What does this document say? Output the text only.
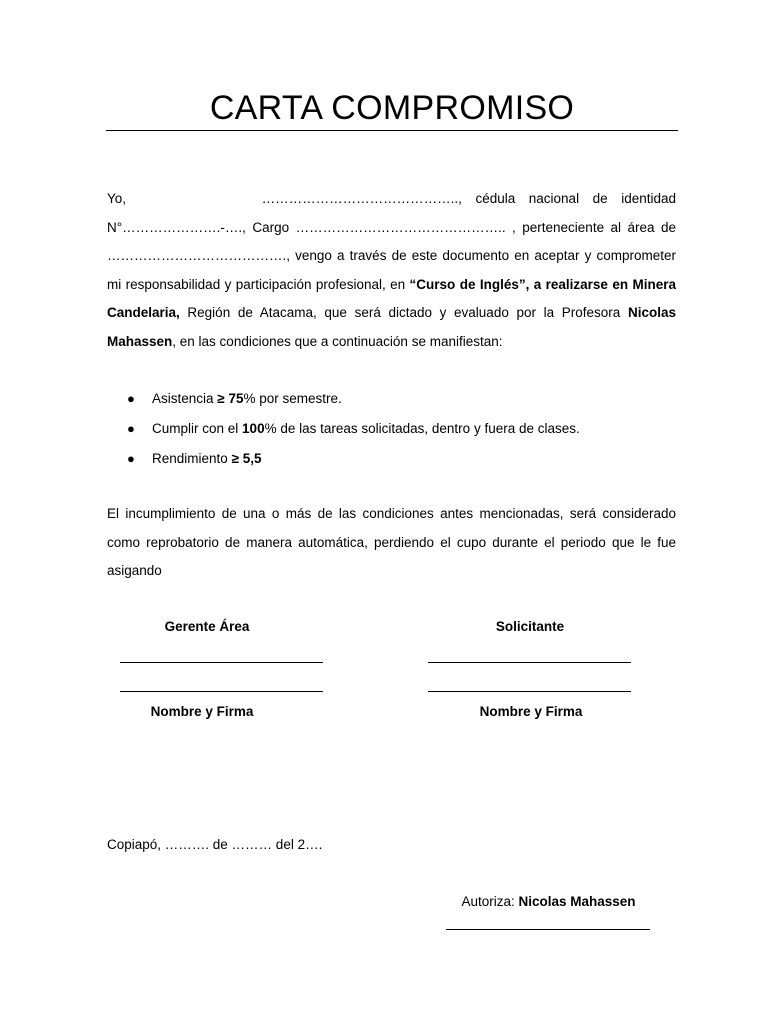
CARTA COMPROMISO
Yo,	…………………………………….., cédula nacional de identidad N°………………….-…., Cargo ……………………………………….. , perteneciente al área de …………………………………., vengo a través de este documento en aceptar y comprometer mi responsabilidad y participación profesional, en “Curso de Inglés”, a realizarse en Minera Candelaria, Región de Atacama, que será dictado y evaluado por la Profesora Nicolas Mahassen, en las condiciones que a continuación se manifiestan:
●	Asistencia
≥ 75 % por semestre.
●	Cumplir con el
100 % de las tareas solicitadas, dentro y fuera de clases.
●	Rendimiento
≥ 5,5
El incumplimiento de una o más de las condiciones antes mencionadas, será considerado como reprobatorio de manera automática, perdiendo el cupo durante el periodo que le fue asigando
Gerente Área	Solicitante
Nombre y Firma	Nombre y Firma
Copiapó, ………. de ……… del 2….
Autoriza: Nicolas Mahassen
